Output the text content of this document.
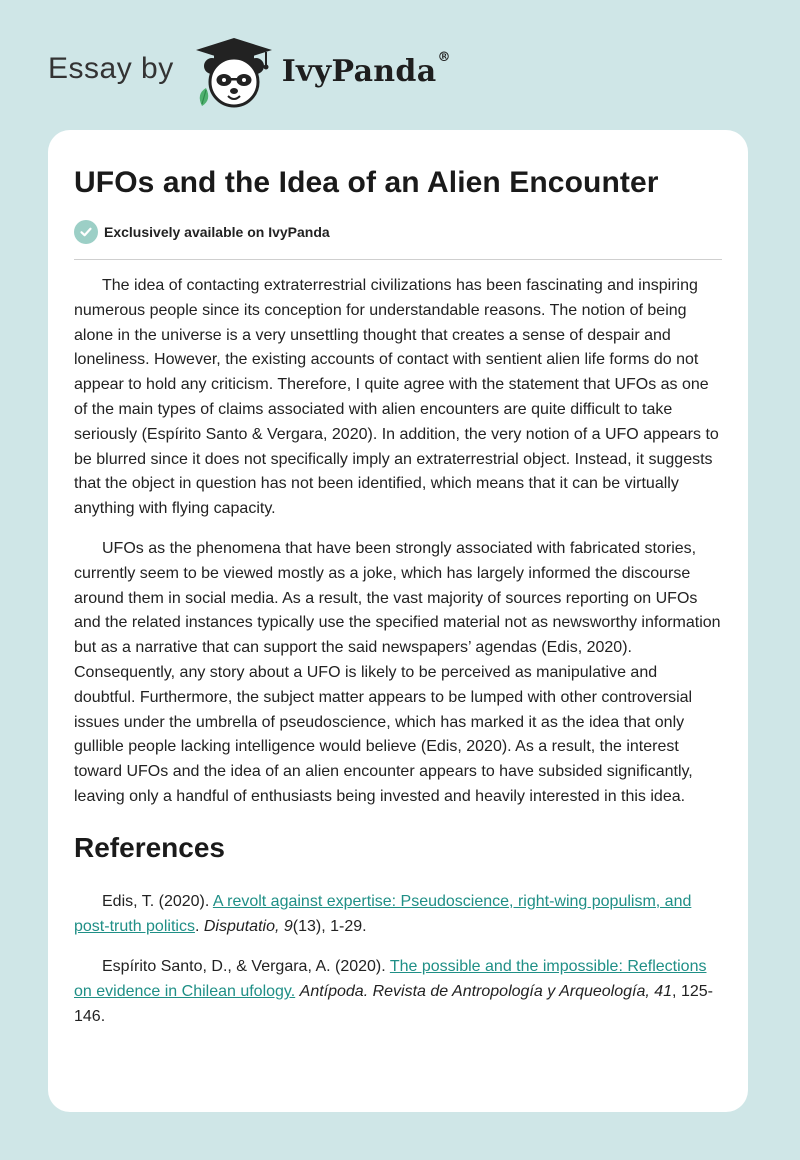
Essay by	IvyPanda®
UFOs and the Idea of an Alien Encounter
Exclusively available on IvyPanda

The idea of contacting extraterrestrial civilizations has been fascinating and inspiring numerous people since its conception for understandable reasons. The notion of being alone in the universe is a very unsettling thought that creates a sense of despair and loneliness. However, the existing accounts of contact with sentient alien life forms do not appear to hold any criticism. Therefore, I quite agree with the statement that UFOs as one of the main types of claims associated with alien encounters are quite difficult to take seriously (Espírito Santo & Vergara, 2020). In addition, the very notion of a UFO appears to be blurred since it does not specifically imply an extraterrestrial object. Instead, it suggests that the object in question has not been identified, which means that it can be virtually anything with flying capacity.

UFOs as the phenomena that have been strongly associated with fabricated stories, currently seem to be viewed mostly as a joke, which has largely informed the discourse around them in social media. As a result, the vast majority of sources reporting on UFOs and the related instances typically use the specified material not as newsworthy information but as a narrative that can support the said newspapers’ agendas (Edis, 2020). Consequently, any story about a UFO is likely to be perceived as manipulative and doubtful. Furthermore, the subject matter appears to be lumped with other controversial issues under the umbrella of pseudoscience, which has marked it as the idea that only gullible people lacking intelligence would believe (Edis, 2020). As a result, the interest toward UFOs and the idea of an alien encounter appears to have subsided significantly, leaving only a handful of enthusiasts being invested and heavily interested in this idea.

References

Edis, T. (2020). A revolt against expertise: Pseudoscience, right-wing populism, and post-truth politics. Disputatio, 9(13), 1-29.

Espírito Santo, D., & Vergara, A. (2020). The possible and the impossible: Reflections on evidence in Chilean ufology. Antípoda. Revista de Antropología y Arqueología, 41, 125-146.
